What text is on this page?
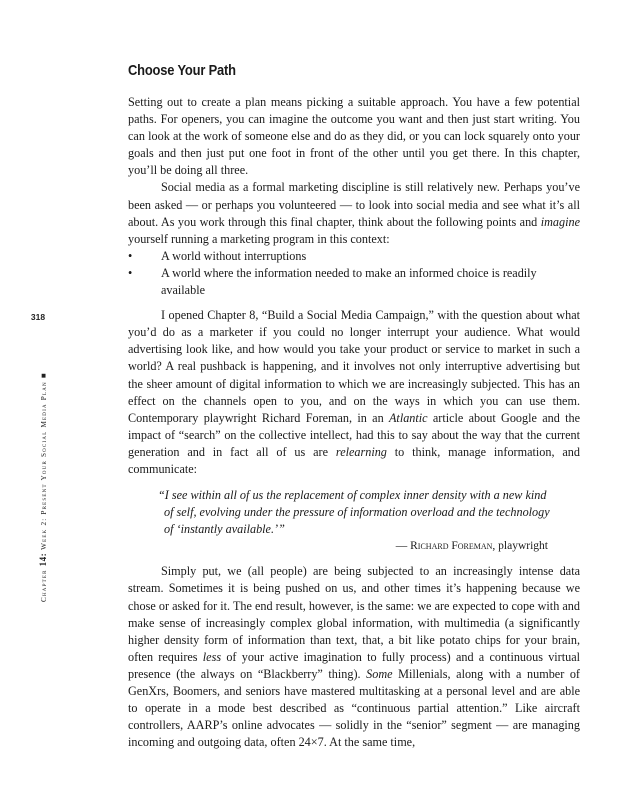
318
Chapter 14: Week 2: Present Your Social Media Plan ■
Choose Your Path

Setting out to create a plan means picking a suitable approach. You have a few potential paths. For openers, you can imagine the outcome you want and then just start writing. You can look at the work of someone else and do as they did, or you can lock squarely onto your goals and then just put one foot in front of the other until you get there. In this chapter, you’ll be doing all three.

Social media as a formal marketing discipline is still relatively new. Perhaps you’ve been asked — or perhaps you volunteered — to look into social media and see what it’s all about. As you work through this final chapter, think about the following points and imagine yourself running a marketing program in this context:

• A world without interruptions
• A world where the information needed to make an informed choice is readily available

I opened Chapter 8, “Build a Social Media Campaign,” with the question about what you’d do as a marketer if you could no longer interrupt your audience. What would advertising look like, and how would you take your product or service to market in such a world? A real pushback is happening, and it involves not only interruptive advertising but the sheer amount of digital information to which we are increasingly subjected. This has an effect on the channels open to you, and on the ways in which you can use them. Contemporary playwright Richard Foreman, in an Atlantic article about Google and the impact of “search” on the collective intellect, had this to say about the way that the current generation and in fact all of us are relearning to think, manage information, and communicate:

“I see within all of us the replacement of complex inner density with a new kind of self, evolving under the pressure of information overload and the technology of ‘instantly available.’”
— Richard Foreman, playwright

Simply put, we (all people) are being subjected to an increasingly intense data stream. Sometimes it is being pushed on us, and other times it’s happening because we chose or asked for it. The end result, however, is the same: we are expected to cope with and make sense of increasingly complex global information, with multimedia (a significantly higher density form of information than text, that, a bit like potato chips for your brain, often requires less of your active imagination to fully process) and a continuous virtual presence (the always on “Blackberry” thing). Some Millenials, along with a number of GenXrs, Boomers, and seniors have mastered multitasking at a personal level and are able to operate in a mode best described as “continuous partial attention.” Like aircraft controllers, AARP’s online advocates — solidly in the “senior” segment — are managing incoming and outgoing data, often 24×7. At the same time,
